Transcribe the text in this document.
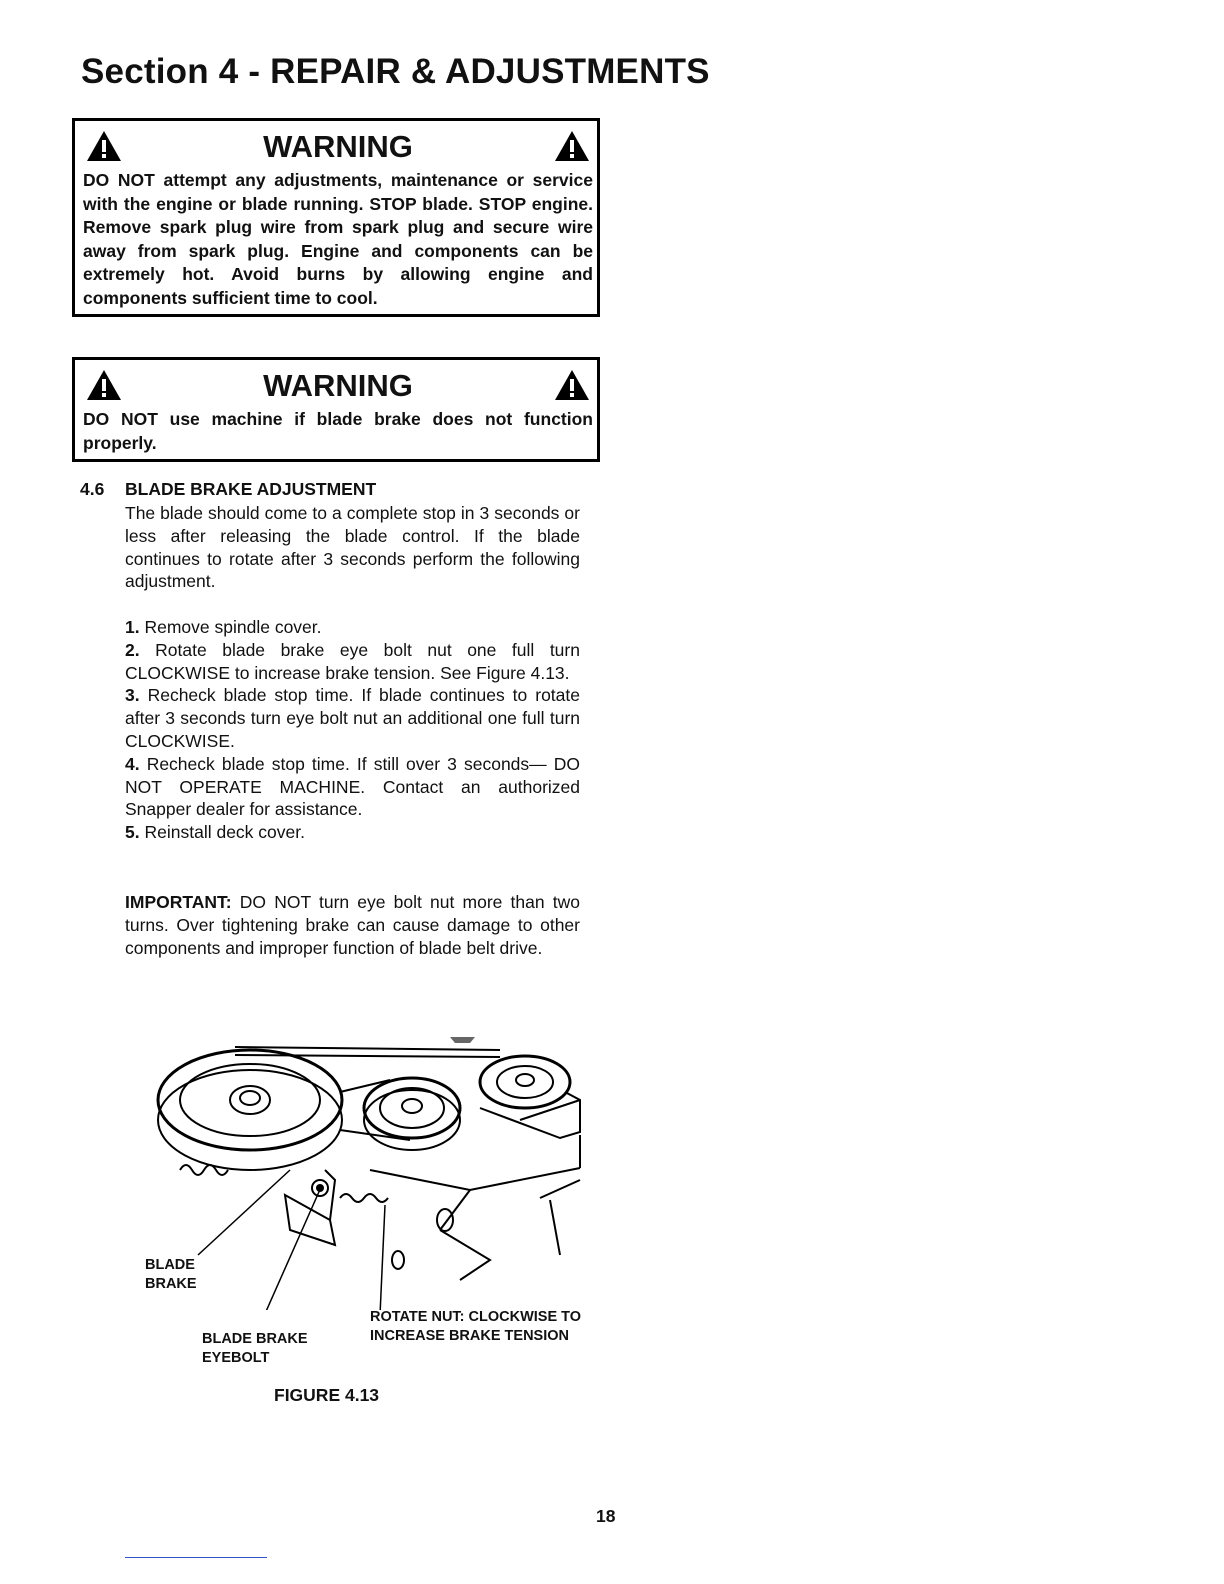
Section 4 - REPAIR & ADJUSTMENTS
WARNING

DO NOT attempt any adjustments, maintenance or service with the engine or blade running. STOP blade. STOP engine. Remove spark plug wire from spark plug and secure wire away from spark plug. Engine and components can be extremely hot. Avoid burns by allowing engine and components sufficient time to cool.

WARNING

DO NOT use machine if blade brake does not function properly.

4.6 BLADE BRAKE ADJUSTMENT

The blade should come to a complete stop in 3 seconds or less after releasing the blade control. If the blade continues to rotate after 3 seconds perform the following adjustment.

1. Remove spindle cover.
2. Rotate blade brake eye bolt nut one full turn CLOCKWISE to increase brake tension. See Figure 4.13.
3. Recheck blade stop time. If blade continues to rotate after 3 seconds turn eye bolt nut an additional one full turn CLOCKWISE.
4. Recheck blade stop time. If still over 3 seconds— DO NOT OPERATE MACHINE. Contact an authorized Snapper dealer for assistance.
5. Reinstall deck cover.

IMPORTANT: DO NOT turn eye bolt nut more than two turns. Over tightening brake can cause damage to other components and improper function of blade belt drive.

BLADE BRAKE
BLADE BRAKE EYEBOLT
ROTATE NUT: CLOCKWISE TO INCREASE BRAKE TENSION

FIGURE 4.13

18
